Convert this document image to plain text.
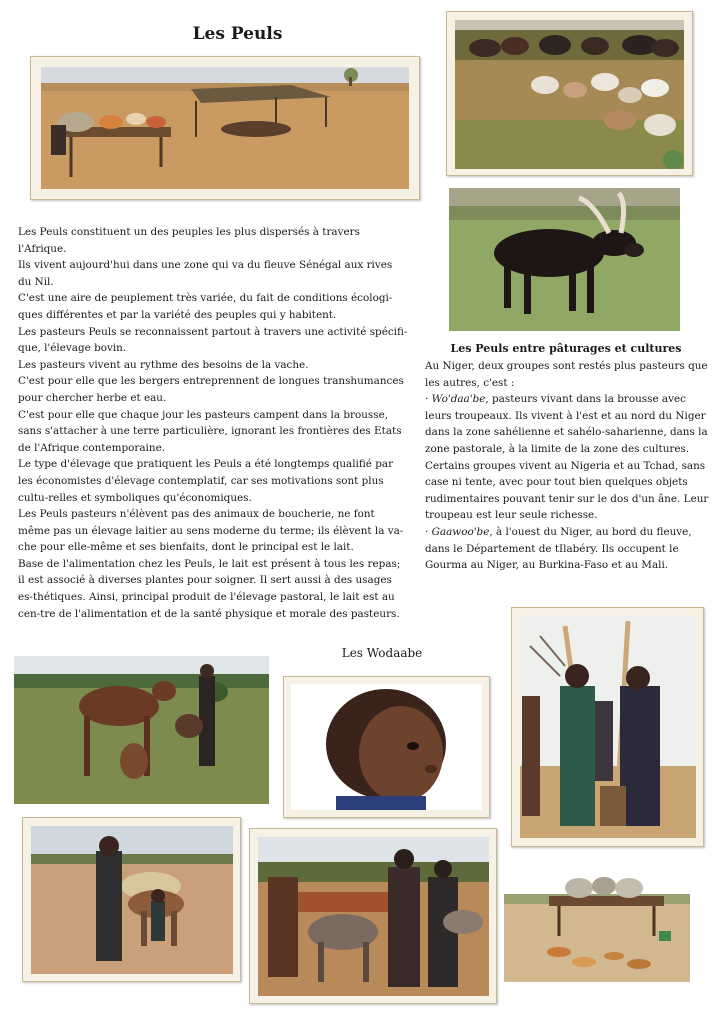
Les Peuls

Les Peuls constituent un des peuples les plus dispersés à travers l'Afrique.

Ils vivent aujourd'hui dans une zone qui va du fleuve Sénégal aux rives du Nil.

C'est une aire de peuplement très variée, du fait de conditions écologi-ques différentes et par la variété des peuples qui y habitent.

Les pasteurs Peuls se reconnaissent partout à travers une activité spécifi-que, l'élevage bovin.

Les pasteurs vivent au rythme des besoins de la vache.

C'est pour elle que les bergers entreprennent de longues transhumances pour chercher herbe et eau.

C'est pour elle que chaque jour les pasteurs campent dans la brousse, sans s'attacher à une terre particulière, ignorant les frontières des Etats de l'Afrique contemporaine.

Le type d'élevage que pratiquent les Peuls a été longtemps qualifié par les économistes d'élevage contemplatif, car ses motivations sont plus cultu-relles et symboliques qu'économiques.

Les Peuls pasteurs n'élèvent pas des animaux de boucherie, ne font même pas un élevage laitier au sens moderne du terme; ils élèvent la va-che pour elle-même et ses bienfaits, dont le principal est le lait.

Base de l'alimentation chez les Peuls, le lait est présent à tous les repas; il est associé à diverses plantes pour soigner. Il sert aussi à des usages es-thétiques. Ainsi, principal produit de l'élevage pastoral, le lait est au cen-tre de l'alimentation et de la santé physique et morale des pasteurs.

Les Peuls entre pâturages et cultures

Au Niger, deux groupes sont restés plus pasteurs que les autres, c'est :

· Wo'daa'be, pasteurs vivant dans la brousse avec leurs troupeaux. Ils vivent à l'est et au nord du Niger dans la zone sahélienne et sahélo-saharienne, dans la zone pastorale, à la limite de la zone des cultures.

Certains groupes vivent au Nigeria et au Tchad, sans case ni tente, avec pour tout bien quelques objets rudimentaires pouvant tenir sur le dos d'un âne. Leur troupeau est leur seule richesse.

· Gaawoo'be, à l'ouest du Niger, au bord du fleuve, dans le Département de tIlabéry. Ils occupent le Gourma au Niger, au Burkina-Faso et au Mali.

Les Wodaabe
